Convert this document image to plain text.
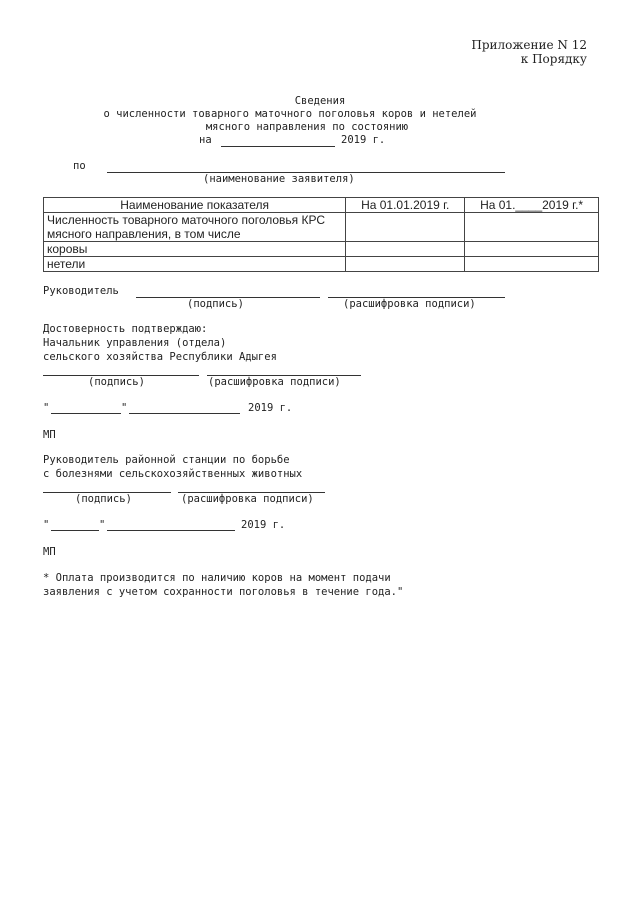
Приложение N 12
к Порядку
Сведения
о численности товарного маточного поголовья коров и нетелей
мясного направления по состоянию
на	2019 г.
по
(наименование заявителя)
Наименование показателя	На 01.01.2019 г.	На 01.____2019 г.*

Численность товарного маточного поголовья КРС
мясного направления, в том числе		

коровы		
нетели		
Руководитель
(подпись)	(расшифровка подписи)
Достоверность подтверждаю:
Начальник управления (отдела)
сельского хозяйства Республики Адыгея
(подпись)	(расшифровка подписи)
"	"	2019 г.
МП
Руководитель районной станции по борьбе
с болезнями сельскохозяйственных животных
(подпись)	(расшифровка подписи)
"	"	2019 г.
МП
* Оплата производится по наличию коров на момент подачи
заявления с учетом сохранности поголовья в течение года."
